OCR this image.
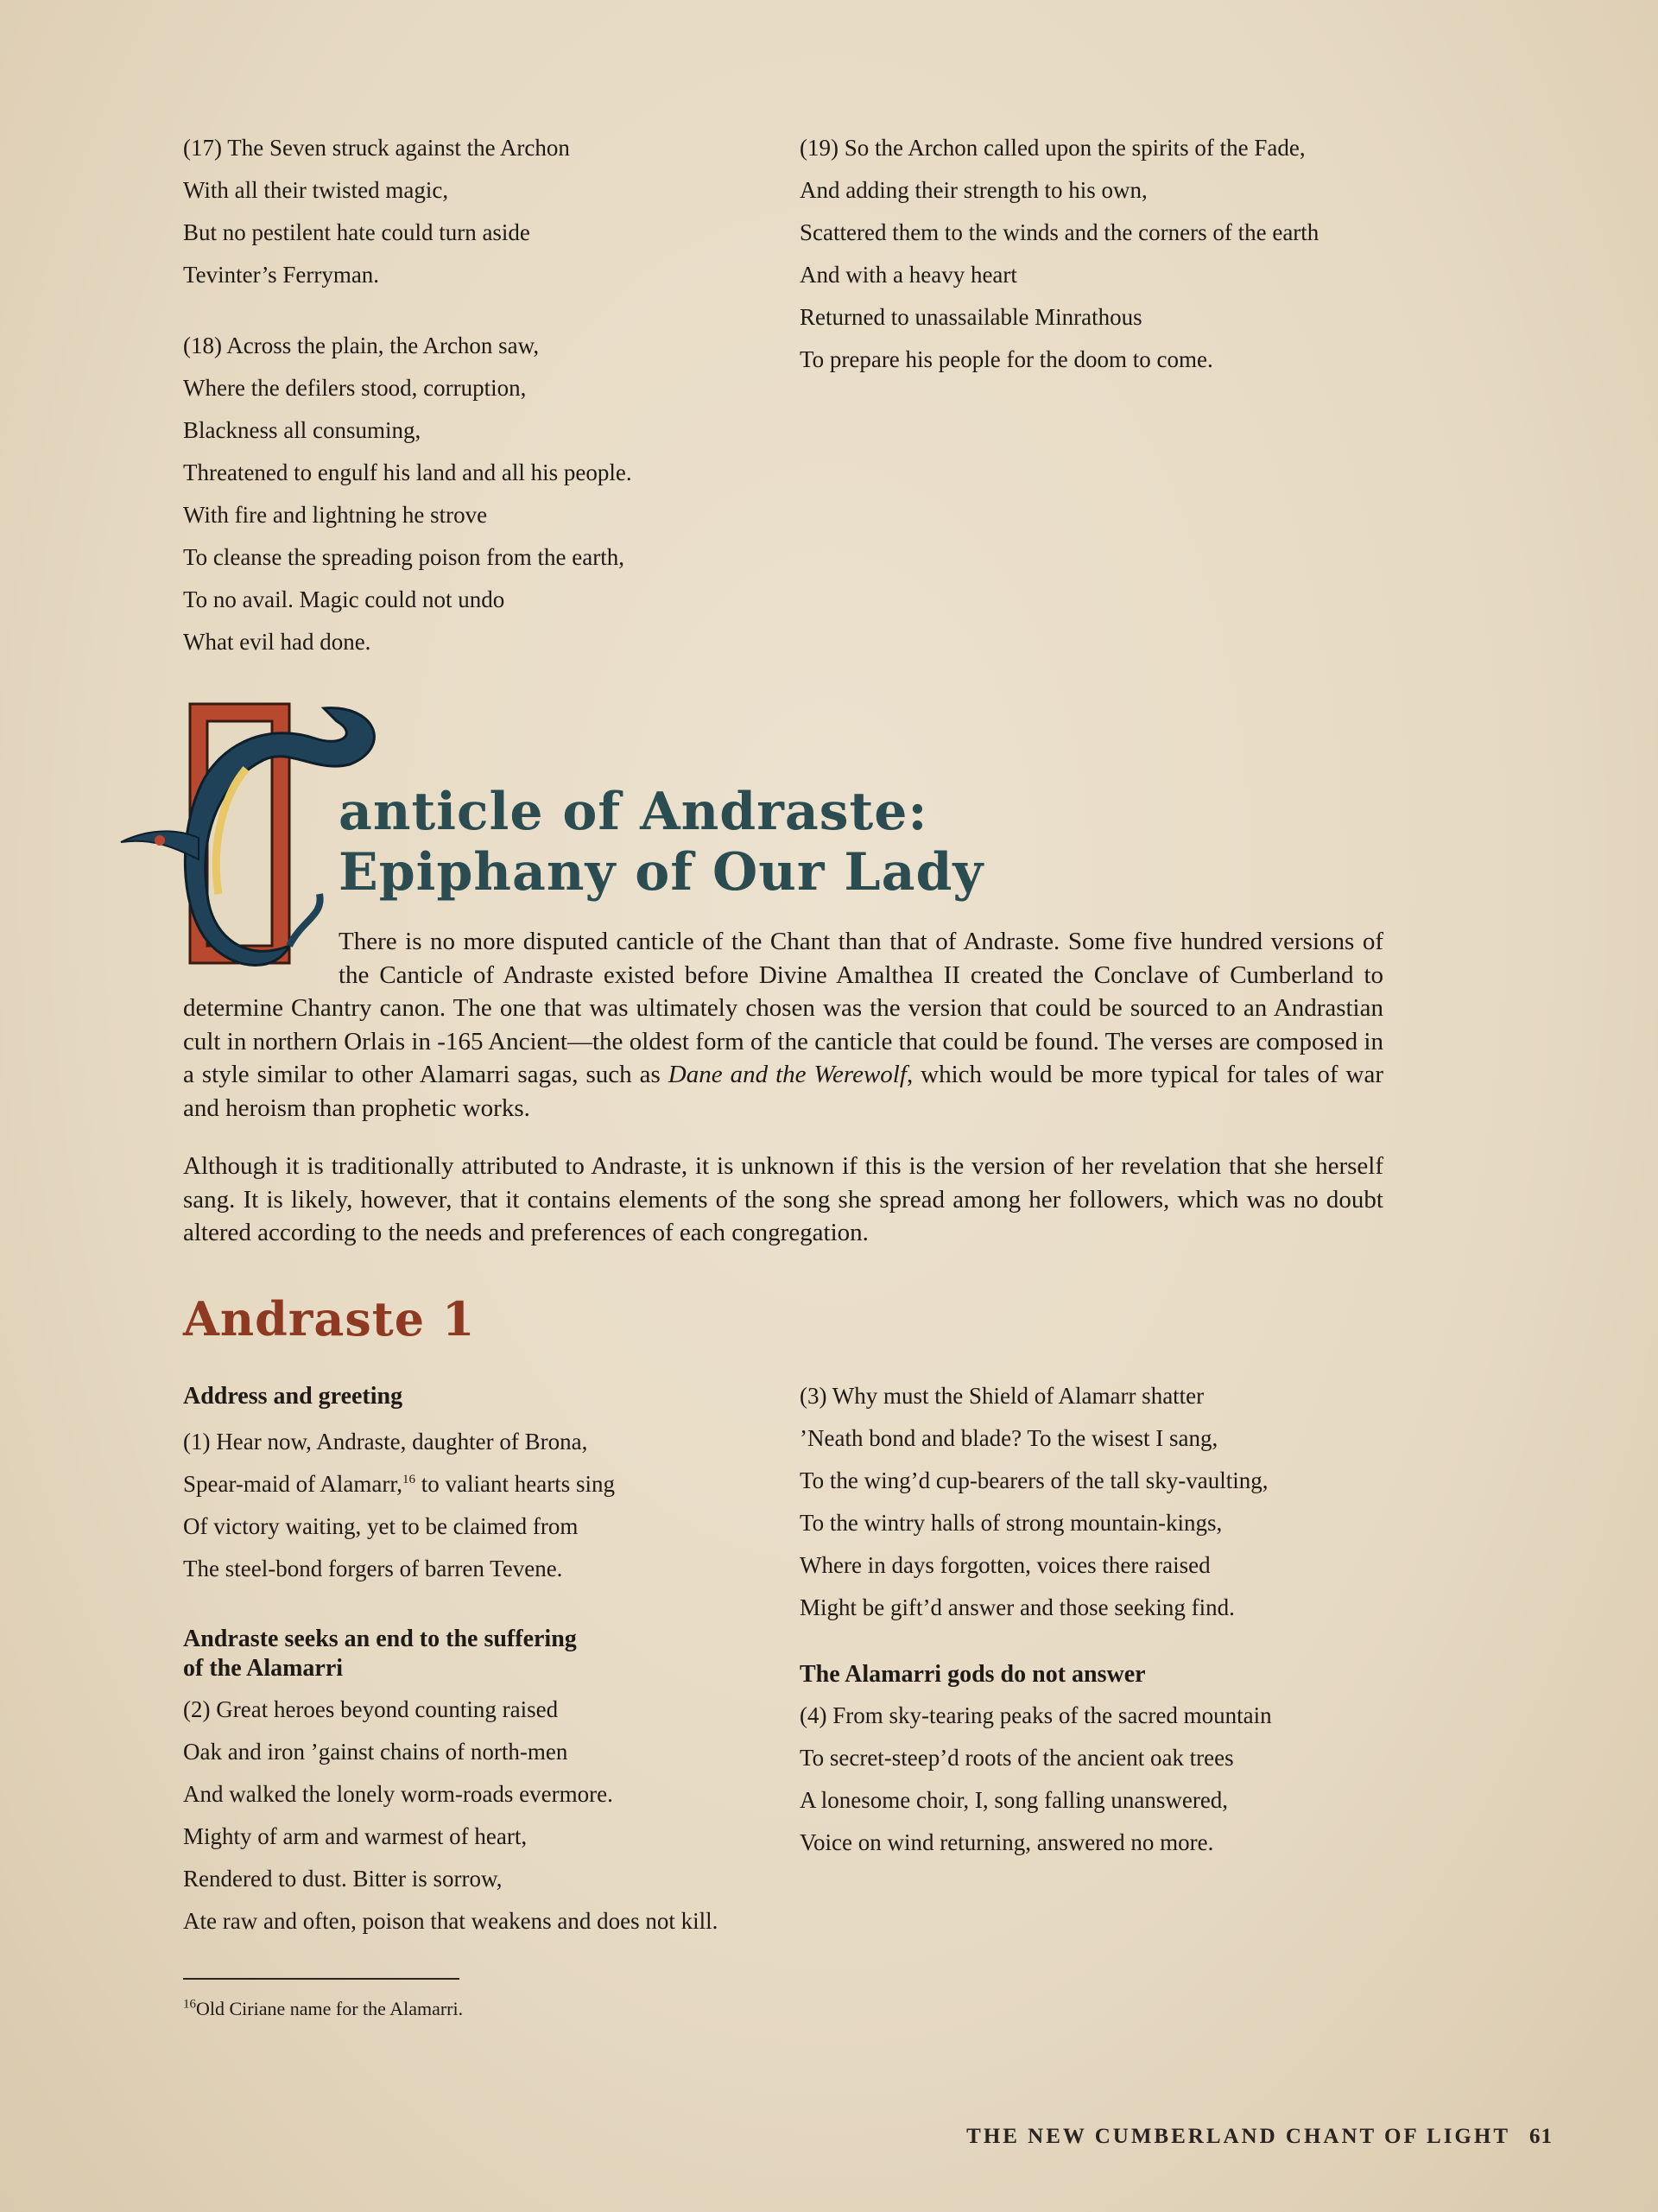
(17) The Seven struck against the Archon
With all their twisted magic,
But no pestilent hate could turn aside
Tevinter’s Ferryman.
(18) Across the plain, the Archon saw,
Where the defilers stood, corruption,
Blackness all consuming,
Threatened to engulf his land and all his people.
With fire and lightning he strove
To cleanse the spreading poison from the earth,
To no avail. Magic could not undo
What evil had done.
(19) So the Archon called upon the spirits of the Fade,
And adding their strength to his own,
Scattered them to the winds and the corners of the earth
And with a heavy heart
Returned to unassailable Minrathous
To prepare his people for the doom to come.
anticle of Andraste:
Epiphany of Our Lady
There is no more disputed canticle of the Chant than that of Andraste. Some five hundred versions of the Canticle of Andraste existed before Divine Amalthea II created the Conclave of Cumberland to determine Chantry canon. The one that was ultimately chosen was the version that could be sourced to an Andrastian cult in northern Orlais in -165 Ancient—the oldest form of the canticle that could be found. The verses are composed in a style similar to other Alamarri sagas, such as Dane and the Werewolf, which would be more typical for tales of war and heroism than prophetic works.
Although it is traditionally attributed to Andraste, it is unknown if this is the version of her revelation that she herself sang. It is likely, however, that it contains elements of the song she spread among her followers, which was no doubt altered according to the needs and preferences of each congregation.
Andraste 1
Address and greeting
(1) Hear now, Andraste, daughter of Brona,
Spear-maid of Alamarr,$^{16}$ to valiant hearts sing
Of victory waiting, yet to be claimed from
The steel-bond forgers of barren Tevene.
Andraste seeks an end to the suffering
of the Alamarri
(2) Great heroes beyond counting raised
Oak and iron ’gainst chains of north-men
And walked the lonely worm-roads evermore.
Mighty of arm and warmest of heart,
Rendered to dust. Bitter is sorrow,
Ate raw and often, poison that weakens and does not kill.
(3) Why must the Shield of Alamarr shatter
’Neath bond and blade? To the wisest I sang,
To the wing’d cup-bearers of the tall sky-vaulting,
To the wintry halls of strong mountain-kings,
Where in days forgotten, voices there raised
Might be gift’d answer and those seeking find.
The Alamarri gods do not answer
(4) From sky-tearing peaks of the sacred mountain
To secret-steep’d roots of the ancient oak trees
A lonesome choir, I, song falling unanswered,
Voice on wind returning, answered no more.
$^{16}$Old Ciriane name for the Alamarri.
THE NEW CUMBERLAND CHANT OF LIGHT 61
